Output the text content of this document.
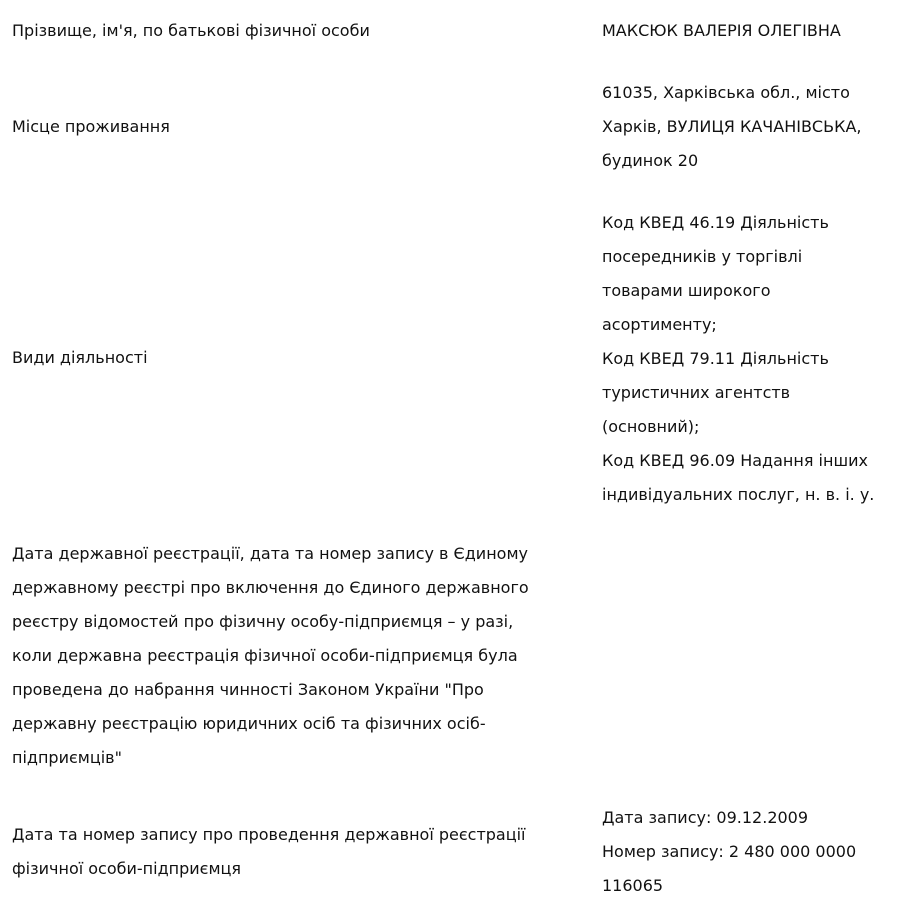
Прізвище, ім'я, по батькові фізичної особи	МАКСЮК ВАЛЕРІЯ ОЛЕГІВНА
Місце проживання
61035, Харківська обл., місто
Харків, ВУЛИЦЯ КАЧАНІВСЬКА,
будинок 20
Види діяльності
Код КВЕД 46.19 Діяльність
посередників у торгівлі
товарами широкого
асортименту;
Код КВЕД 79.11 Діяльність
туристичних агентств
(основний);
Код КВЕД 96.09 Надання інших
індивідуальних послуг, н. в. і. у.
Дата державної реєстрації, дата та номер запису в Єдиному
державному реєстрі про включення до Єдиного державного
реєстру відомостей про фізичну особу-підприємця – у разі,
коли державна реєстрація фізичної особи-підприємця була
проведена до набрання чинності Законом України "Про
державну реєстрацію юридичних осіб та фізичних осіб-
підприємців"
Дата та номер запису про проведення державної реєстрації
фізичної особи-підприємця
Дата запису: 09.12.2009
Номер запису: 2 480 000 0000
116065
